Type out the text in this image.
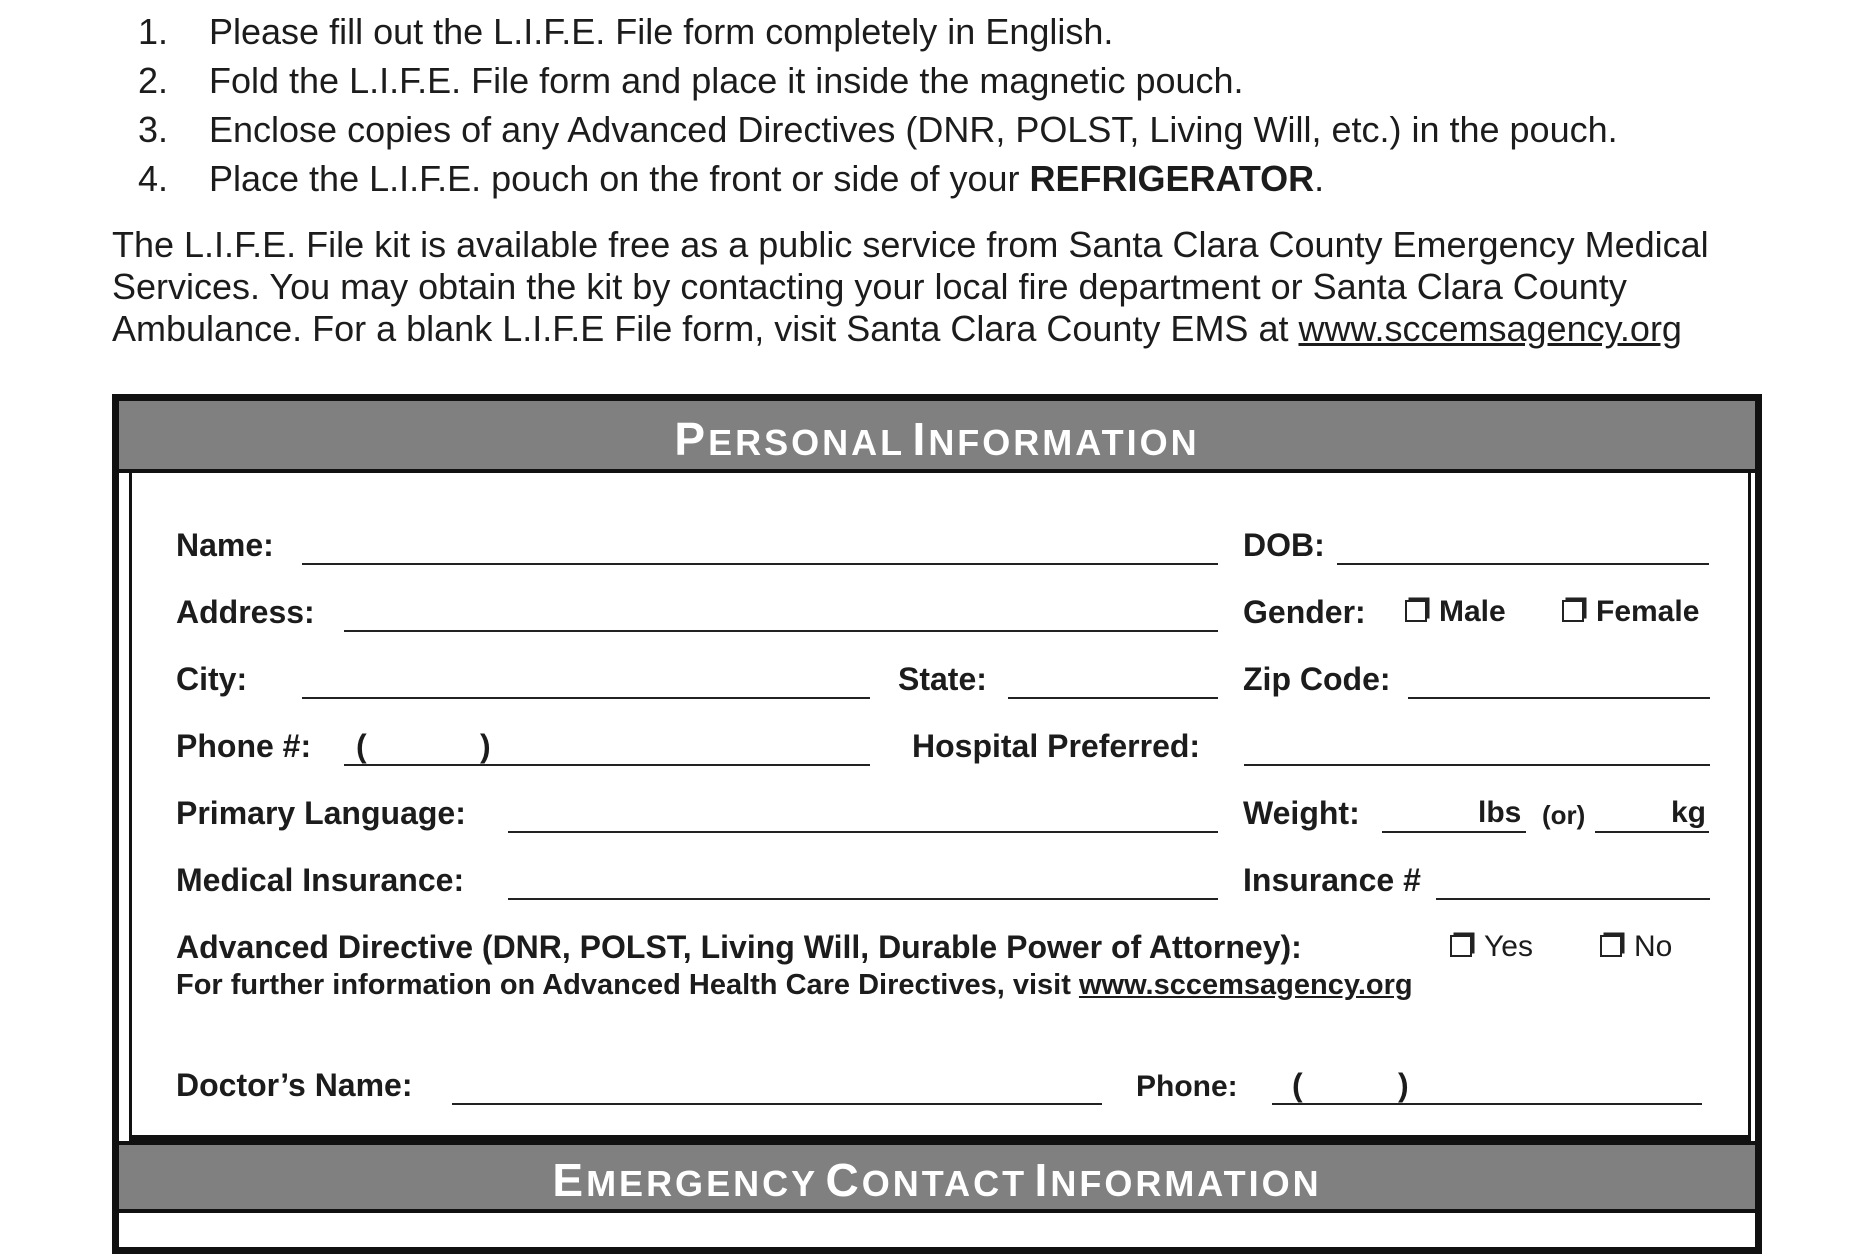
1. Please fill out the L.I.F.E. File form completely in English.
2. Fold the L.I.F.E. File form and place it inside the magnetic pouch.
3. Enclose copies of any Advanced Directives (DNR, POLST, Living Will, etc.) in the pouch.
4. Place the L.I.F.E. pouch on the front or side of your REFRIGERATOR.
The L.I.F.E. File kit is available free as a public service from Santa Clara County Emergency Medical
Services. You may obtain the kit by contacting your local fire department or Santa Clara County
Ambulance. For a blank L.I.F.E File form, visit Santa Clara County EMS at www.sccemsagency.org
PERSONAL INFORMATION
Name:	DOB:
Address:	Gender:	Male	Female
City:	State:	Zip Code:
Phone #: (	)	Hospital Preferred:
Primary Language:	Weight:	lbs (or)	kg
Medical Insurance:	Insurance #
Advanced Directive (DNR, POLST, Living Will, Durable Power of Attorney):	Yes	No
For further information on Advanced Health Care Directives, visit www.sccemsagency.org
Doctor’s Name:	Phone: (	)
EMERGENCY CONTACT INFORMATION
